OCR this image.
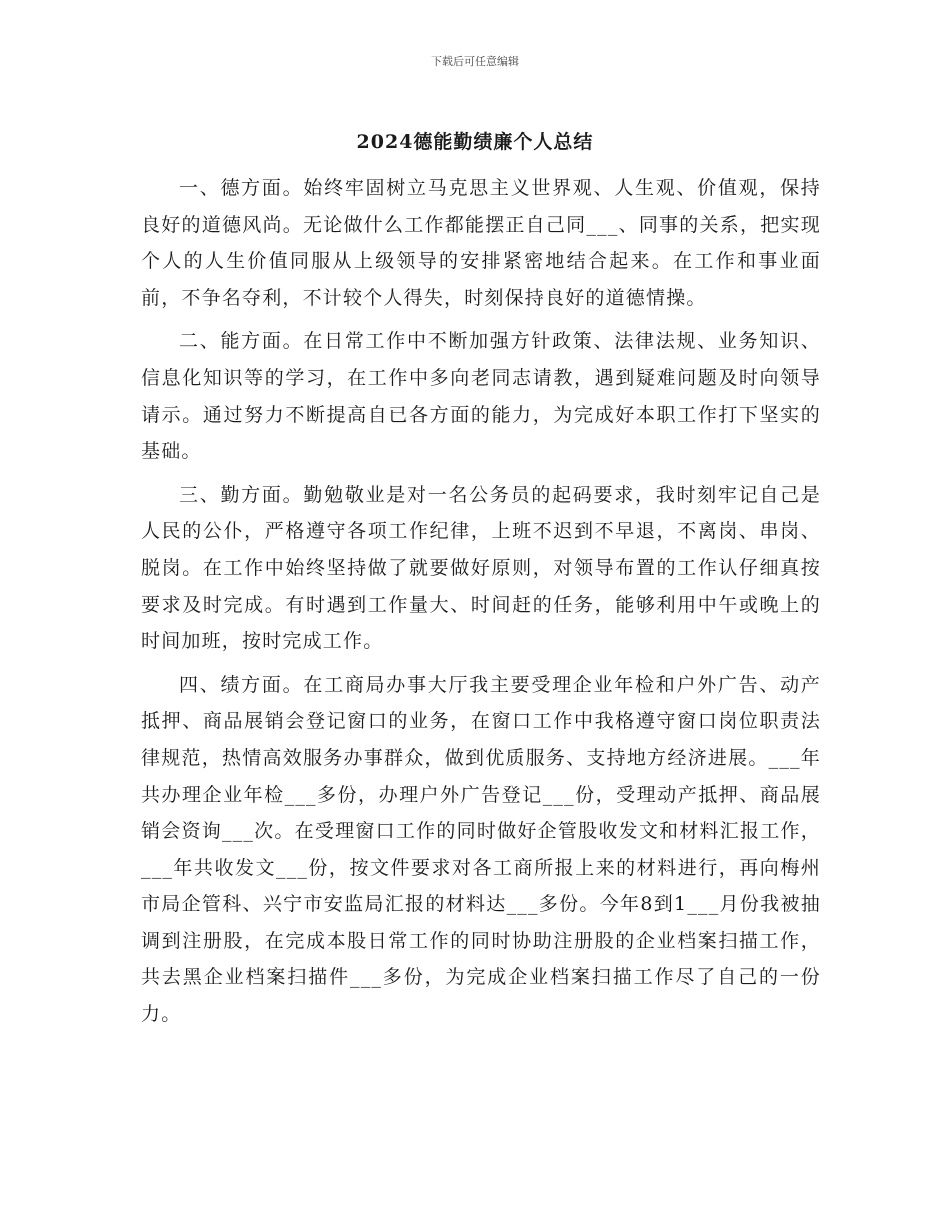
下载后可任意编辑
2024德能勤绩廉个人总结

一、德方面。始终牢固树立马克思主义世界观、人生观、价值观，保持良好的道德风尚。无论做什么工作都能摆正自己同___、同事的关系，把实现个人的人生价值同服从上级领导的安排紧密地结合起来。在工作和事业面前，不争名夺利，不计较个人得失，时刻保持良好的道德情操。

二、能方面。在日常工作中不断加强方针政策、法律法规、业务知识、信息化知识等的学习，在工作中多向老同志请教，遇到疑难问题及时向领导请示。通过努力不断提高自已各方面的能力，为完成好本职工作打下坚实的基础。

三、勤方面。勤勉敬业是对一名公务员的起码要求，我时刻牢记自己是人民的公仆，严格遵守各项工作纪律，上班不迟到不早退，不离岗、串岗、脱岗。在工作中始终坚持做了就要做好原则，对领导布置的工作认仔细真按要求及时完成。有时遇到工作量大、时间赶的任务，能够利用中午或晚上的时间加班，按时完成工作。

四、绩方面。在工商局办事大厅我主要受理企业年检和户外广告、动产抵押、商品展销会登记窗口的业务，在窗口工作中我格遵守窗口岗位职责法律规范，热情高效服务办事群众，做到优质服务、支持地方经济进展。___年共办理企业年检___多份，办理户外广告登记___份，受理动产抵押、商品展销会资询___次。在受理窗口工作的同时做好企管股收发文和材料汇报工作，___年共收发文___份，按文件要求对各工商所报上来的材料进行，再向梅州市局企管科、兴宁市安监局汇报的材料达___多份。今年8到1___月份我被抽调到注册股，在完成本股日常工作的同时协助注册股的企业档案扫描工作，共去黑企业档案扫描件___多份，为完成企业档案扫描工作尽了自己的一份力。
